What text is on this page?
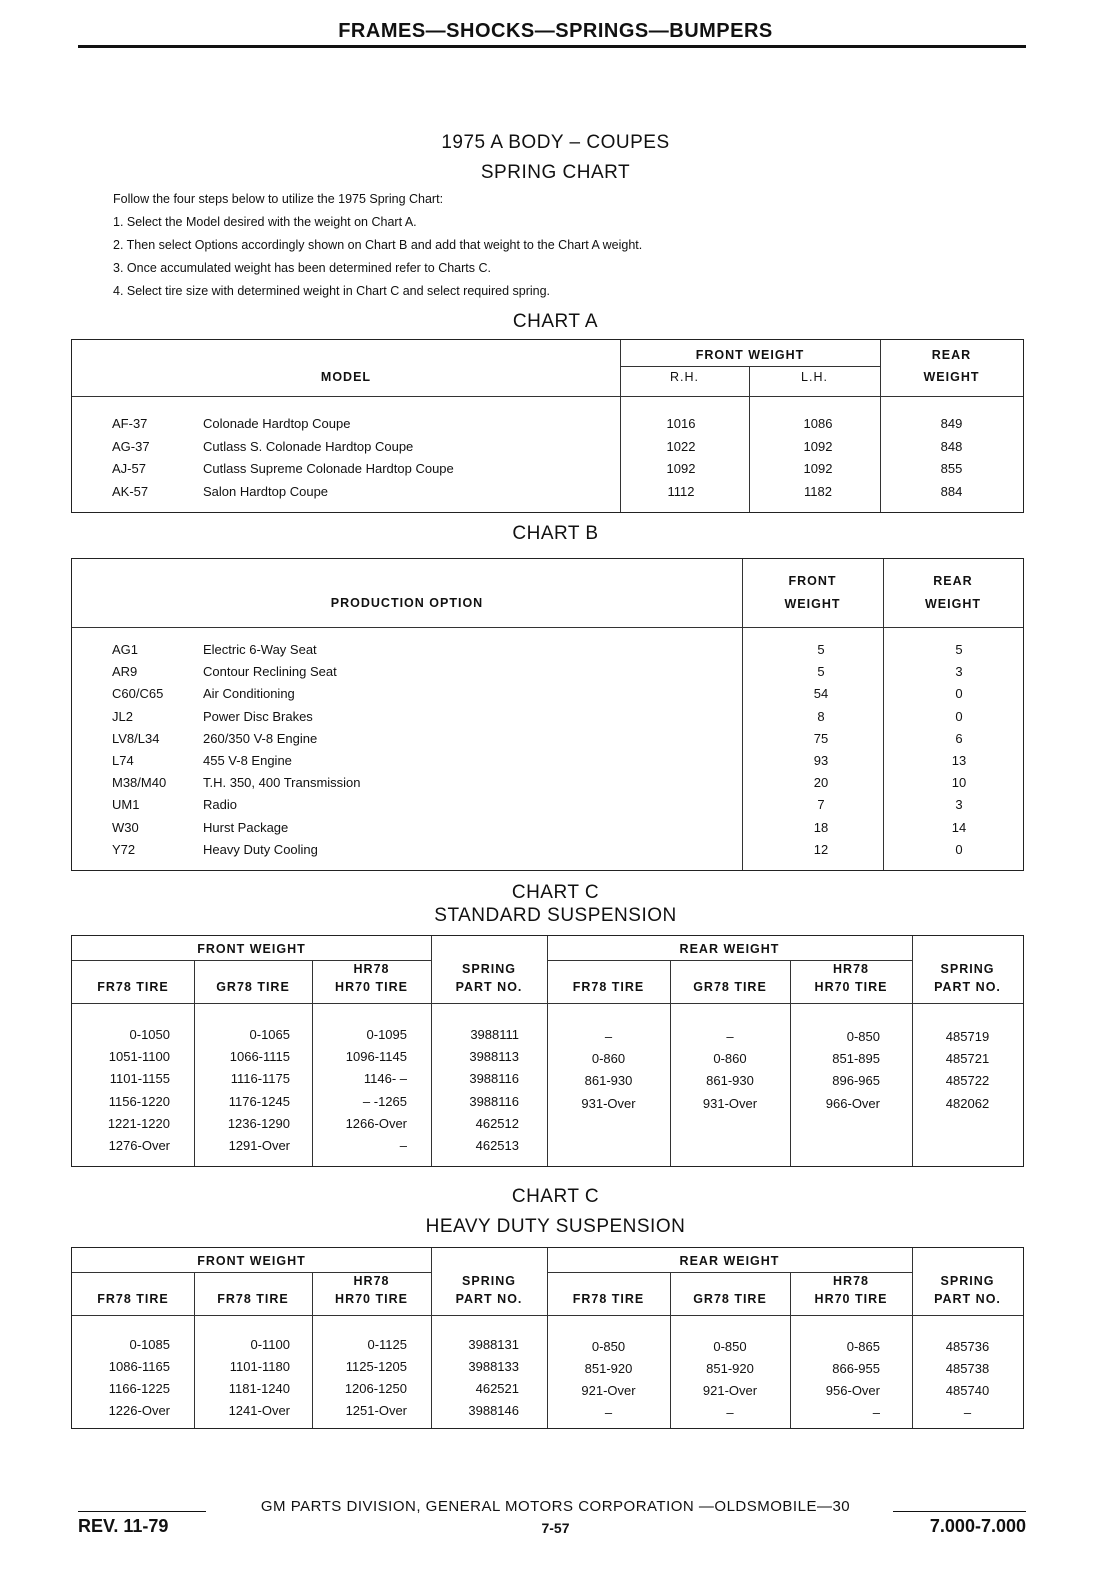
FRAMES—SHOCKS—SPRINGS—BUMPERS
1975 A BODY – COUPES
SPRING CHART
Follow the four steps below to utilize the 1975 Spring Chart:
1. Select the Model desired with the weight on Chart A.
2. Then select Options accordingly shown on Chart B and add that weight to the Chart A weight.
3. Once accumulated weight has been determined refer to Charts C.
4. Select tire size with determined weight in Chart C and select required spring.
CHART A
MODEL
FRONT WEIGHT
R.H.	L.H.
REAR
WEIGHT
AF-37	Colonade Hardtop Coupe	1016	1086	849
AG-37	Cutlass S. Colonade Hardtop Coupe	1022	1092	848
AJ-57	Cutlass Supreme Colonade Hardtop Coupe	1092	1092	855
AK-57	Salon Hardtop Coupe	1112	1182	884
CHART B
PRODUCTION OPTION
FRONT
WEIGHT
REAR
WEIGHT
AG1	Electric 6-Way Seat	5	5
AR9	Contour Reclining Seat	5	3
C60/C65	Air Conditioning	54	0
JL2	Power Disc Brakes	8	0
LV8/L34	260/350 V-8 Engine	75	6
L74	455 V-8 Engine	93	13
M38/M40	T.H. 350, 400 Transmission	20	10
UM1	Radio	7	3
W30	Hurst Package	18	14
Y72	Heavy Duty Cooling	12	0
CHART C
STANDARD SUSPENSION
FRONT WEIGHT	REAR WEIGHT
FR78 TIRE	GR78 TIRE
HR78
HR70 TIRE
SPRING
PART NO.	FR78 TIRE	GR78 TIRE
HR78
HR70 TIRE
SPRING
PART NO.
0-1050	0-1065	0-1095	3988111	–	–	0-850	485719
1051-1100	1066-1115	1096-1145	3988113	0-860	0-860	851-895	485721
1101-1155	1116-1175	1146- –	3988116	861-930	861-930	896-965	485722
1156-1220	1176-1245	– -1265	3988116	931-Over	931-Over	966-Over	482062
1221-1220	1236-1290	1266-Over	462512
1276-Over	1291-Over	–	462513
CHART C
HEAVY DUTY SUSPENSION
FRONT WEIGHT	REAR WEIGHT
FR78 TIRE	FR78 TIRE
HR78
HR70 TIRE
SPRING
PART NO.	FR78 TIRE	GR78 TIRE
HR78
HR70 TIRE
SPRING
PART NO.
0-1085	0-1100	0-1125	3988131	0-850	0-850	0-865	485736
1086-1165	1101-1180	1125-1205	3988133	851-920	851-920	866-955	485738
1166-1225	1181-1240	1206-1250	462521	921-Over	921-Over	956-Over	485740
1226-Over	1241-Over	1251-Over	3988146	–	–	–	–
GM PARTS DIVISION, GENERAL MOTORS CORPORATION —OLDSMOBILE—30
REV. 11-79	7-57	7.000-7.000
